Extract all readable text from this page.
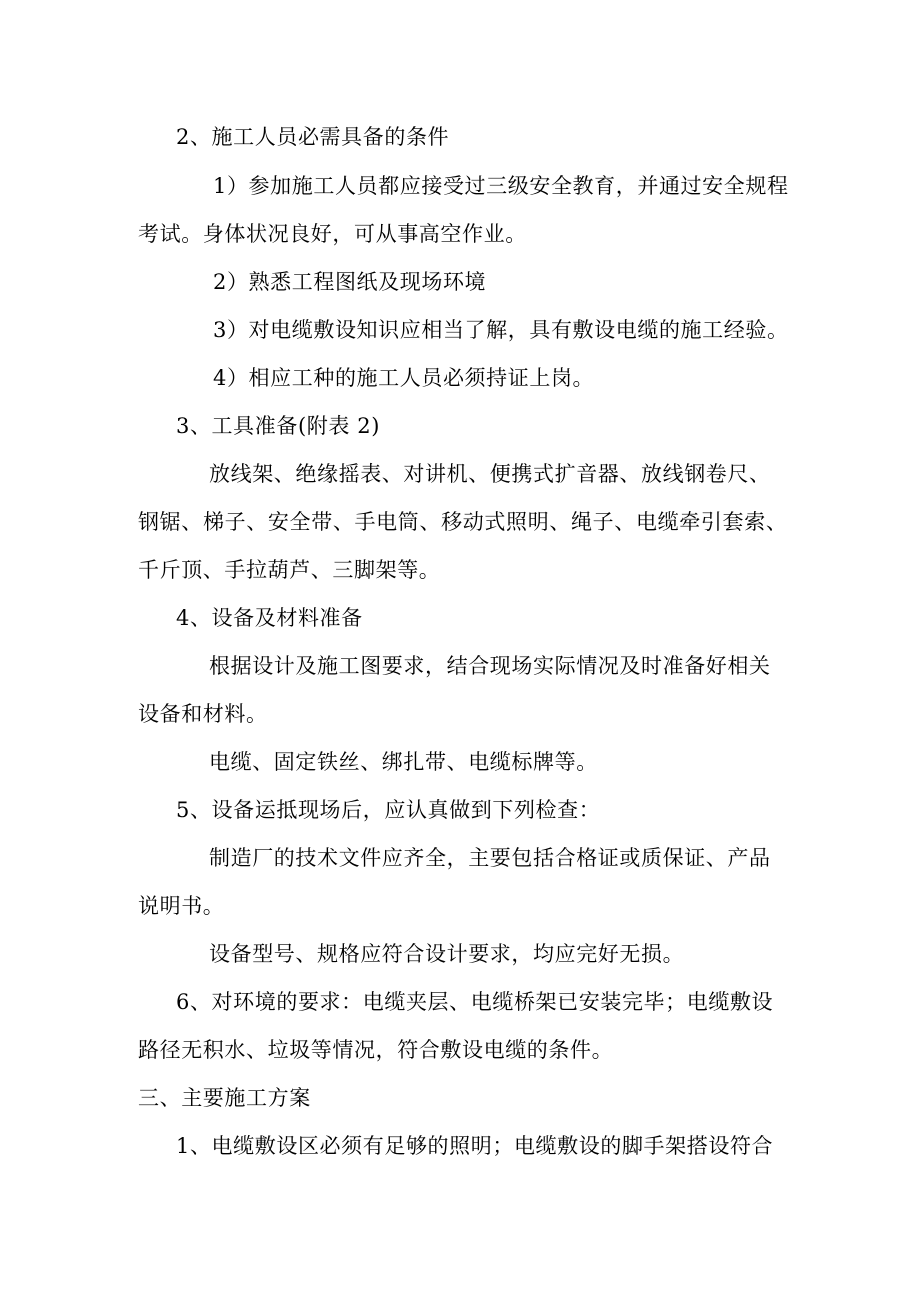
2、施工人员必需具备的条件
1）参加施工人员都应接受过三级安全教育，并通过安全规程
考试。身体状况良好，可从事高空作业。
2）熟悉工程图纸及现场环境
3）对电缆敷设知识应相当了解，具有敷设电缆的施工经验。
4）相应工种的施工人员必须持证上岗。
3、工具准备(附表 2)
放线架、绝缘摇表、对讲机、便携式扩音器、放线钢卷尺、
钢锯、梯子、安全带、手电筒、移动式照明、绳子、电缆牵引套索、
千斤顶、手拉葫芦、三脚架等。
4、设备及材料准备
根据设计及施工图要求，结合现场实际情况及时准备好相关
设备和材料。
电缆、固定铁丝、绑扎带、电缆标牌等。
5、设备运抵现场后，应认真做到下列检查：
制造厂的技术文件应齐全，主要包括合格证或质保证、产品
说明书。
设备型号、规格应符合设计要求，均应完好无损。
6、对环境的要求：电缆夹层、电缆桥架已安装完毕；电缆敷设
路径无积水、垃圾等情况，符合敷设电缆的条件。
三、主要施工方案
1、电缆敷设区必须有足够的照明；电缆敷设的脚手架搭设符合
